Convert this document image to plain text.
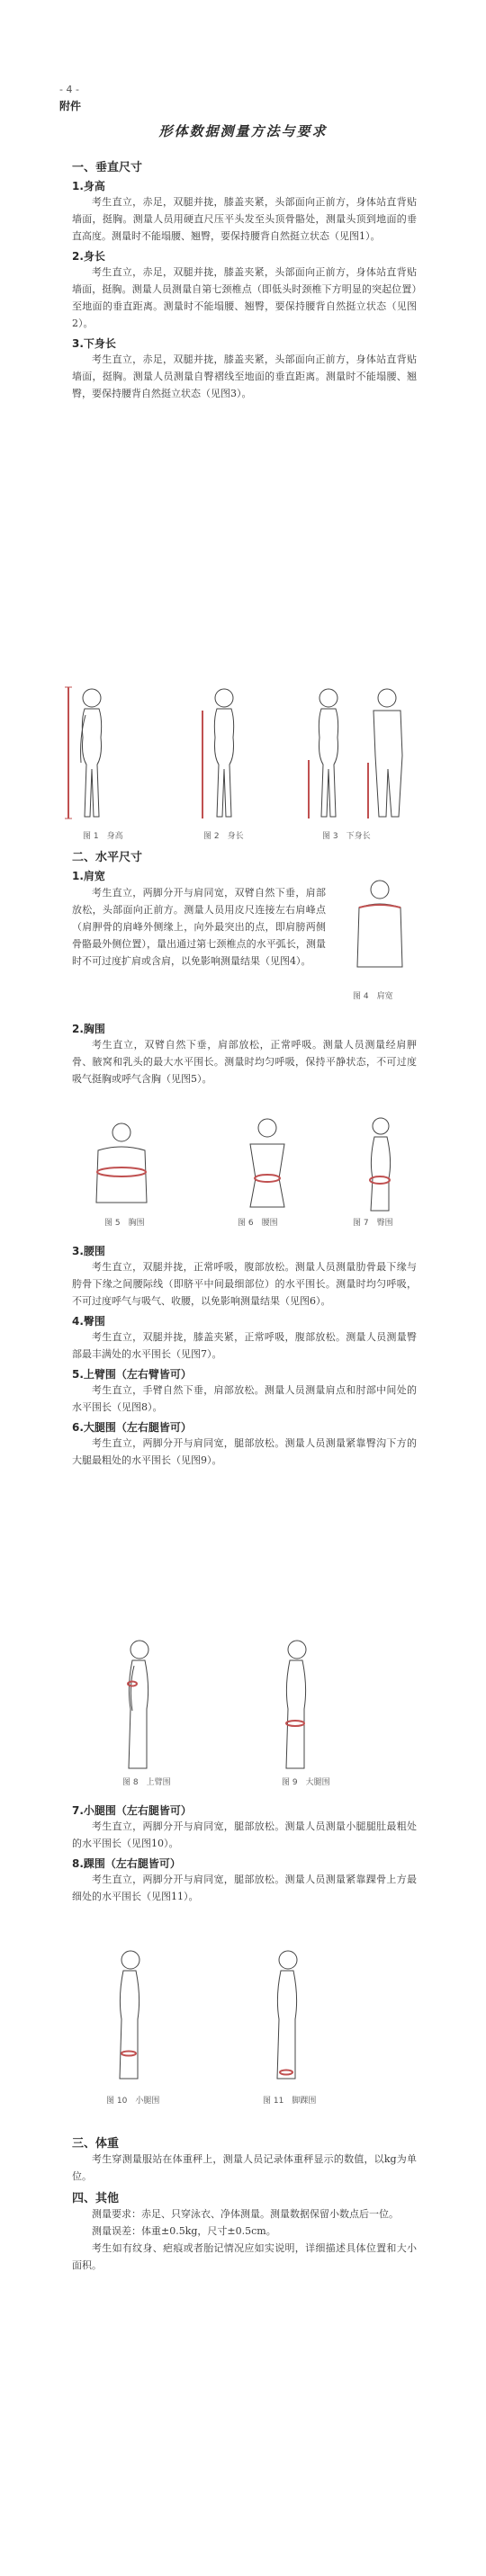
- 4 -
附件
形体数据测量方法与要求
一、垂直尺寸
1.身高
考生直立，赤足，双腿并拢，膝盖夹紧，头部面向正前方，身体站直背贴墙面，挺胸。测量人员用硬直尺压平头发至头顶骨骼处，测量头顶到地面的垂直高度。测量时不能塌腰、翘臀，要保持腰背自然挺立状态（见图1）。
2.身长
考生直立，赤足，双腿并拢，膝盖夹紧，头部面向正前方，身体站直背贴墙面，挺胸。测量人员测量自第七颈椎点（即低头时颈椎下方明显的突起位置）至地面的垂直距离。测量时不能塌腰、翘臀，要保持腰背自然挺立状态（见图2）。
3.下身长
考生直立，赤足，双腿并拢，膝盖夹紧，头部面向正前方，身体站直背贴墙面，挺胸。测量人员测量自臀褶线至地面的垂直距离。测量时不能塌腰、翘臀，要保持腰背自然挺立状态（见图3）。
图 1　身高	图 2　身长	图 3　下身长
二、水平尺寸
1.肩宽
考生直立，两脚分开与肩同宽，双臂自然下垂，肩部放松，头部面向正前方。测量人员用皮尺连接左右肩峰点（肩胛骨的肩峰外侧缘上，向外最突出的点，即肩膀两侧骨骼最外侧位置），量出通过第七颈椎点的水平弧长，测量时不可过度扩肩或含肩，以免影响测量结果（见图4）。
图 4　肩宽
2.胸围
考生直立，双臂自然下垂，肩部放松，正常呼吸。测量人员测量经肩胛骨、腋窝和乳头的最大水平围长。测量时均匀呼吸，保持平静状态，不可过度吸气挺胸或呼气含胸（见图5）。
图 5　胸围	图 6　腰围	图 7　臀围
3.腰围
考生直立，双腿并拢，正常呼吸，腹部放松。测量人员测量肋骨最下缘与胯骨下缘之间腰际线（即脐平中间最细部位）的水平围长。测量时均匀呼吸，不可过度呼气与吸气、收腰，以免影响测量结果（见图6）。
4.臀围
考生直立，双腿并拢，膝盖夹紧，正常呼吸，腹部放松。测量人员测量臀部最丰满处的水平围长（见图7）。
5.上臂围（左右臂皆可）
考生直立，手臂自然下垂，肩部放松。测量人员测量肩点和肘部中间处的水平围长（见图8）。
6.大腿围（左右腿皆可）
考生直立，两脚分开与肩同宽，腿部放松。测量人员测量紧靠臀沟下方的大腿最粗处的水平围长（见图9）。
图 8　上臂围	图 9　大腿围
7.小腿围（左右腿皆可）
考生直立，两脚分开与肩同宽，腿部放松。测量人员测量小腿腿肚最粗处的水平围长（见图10）。
8.踝围（左右腿皆可）
考生直立，两脚分开与肩同宽，腿部放松。测量人员测量紧靠踝骨上方最细处的水平围长（见图11）。
图 10　小腿围	图 11　脚踝围
三、体重
考生穿测量服站在体重秤上，测量人员记录体重秤显示的数值，以kg为单位。
四、其他
测量要求：赤足、只穿泳衣、净体测量。测量数据保留小数点后一位。
测量误差：体重±0.5kg，尺寸±0.5cm。
考生如有纹身、疤痕或者胎记情况应如实说明，详细描述具体位置和大小面积。
